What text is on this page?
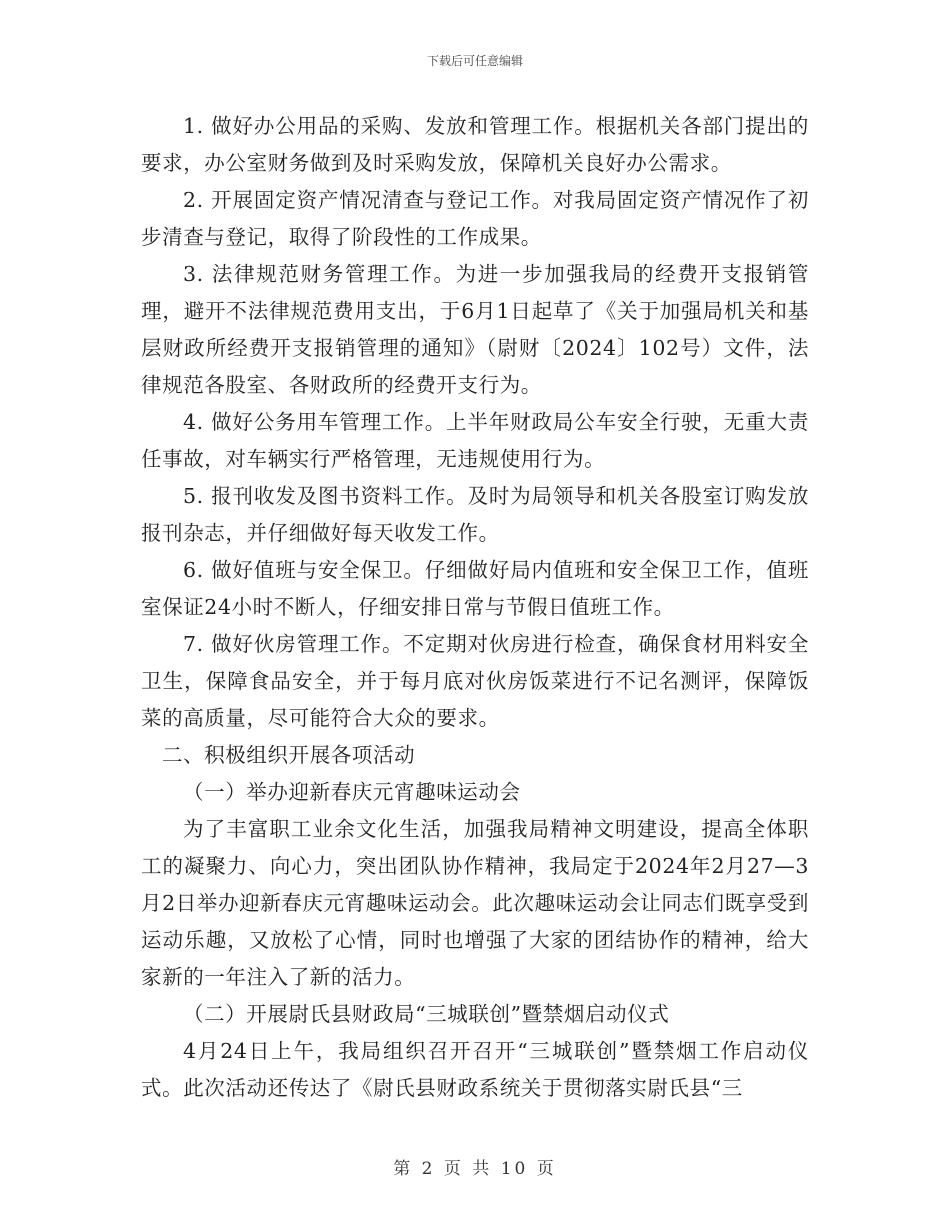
下载后可任意编辑

1. 做好办公用品的采购、发放和管理工作。根据机关各部门提出的要求，办公室财务做到及时采购发放，保障机关良好办公需求。

2. 开展固定资产情况清查与登记工作。对我局固定资产情况作了初步清查与登记，取得了阶段性的工作成果。

3. 法律规范财务管理工作。为进一步加强我局的经费开支报销管理，避开不法律规范费用支出，于6月1日起草了《关于加强局机关和基层财政所经费开支报销管理的通知》（尉财〔2024〕102号）文件，法律规范各股室、各财政所的经费开支行为。

4. 做好公务用车管理工作。上半年财政局公车安全行驶，无重大责任事故，对车辆实行严格管理，无违规使用行为。

5. 报刊收发及图书资料工作。及时为局领导和机关各股室订购发放报刊杂志，并仔细做好每天收发工作。

6. 做好值班与安全保卫。仔细做好局内值班和安全保卫工作，值班室保证24小时不断人，仔细安排日常与节假日值班工作。

7. 做好伙房管理工作。不定期对伙房进行检查，确保食材用料安全卫生，保障食品安全，并于每月底对伙房饭菜进行不记名测评，保障饭菜的高质量，尽可能符合大众的要求。

二、积极组织开展各项活动

（一）举办迎新春庆元宵趣味运动会

为了丰富职工业余文化生活，加强我局精神文明建设，提高全体职工的凝聚力、向心力，突出团队协作精神，我局定于2024年2月27—3月2日举办迎新春庆元宵趣味运动会。此次趣味运动会让同志们既享受到运动乐趣，又放松了心情，同时也增强了大家的团结协作的精神，给大家新的一年注入了新的活力。

（二）开展尉氏县财政局“三城联创”暨禁烟启动仪式

4月24日上午，我局组织召开召开“三城联创”暨禁烟工作启动仪式。此次活动还传达了《尉氏县财政系统关于贯彻落实尉氏县“三

第 2 页 共 10 页
